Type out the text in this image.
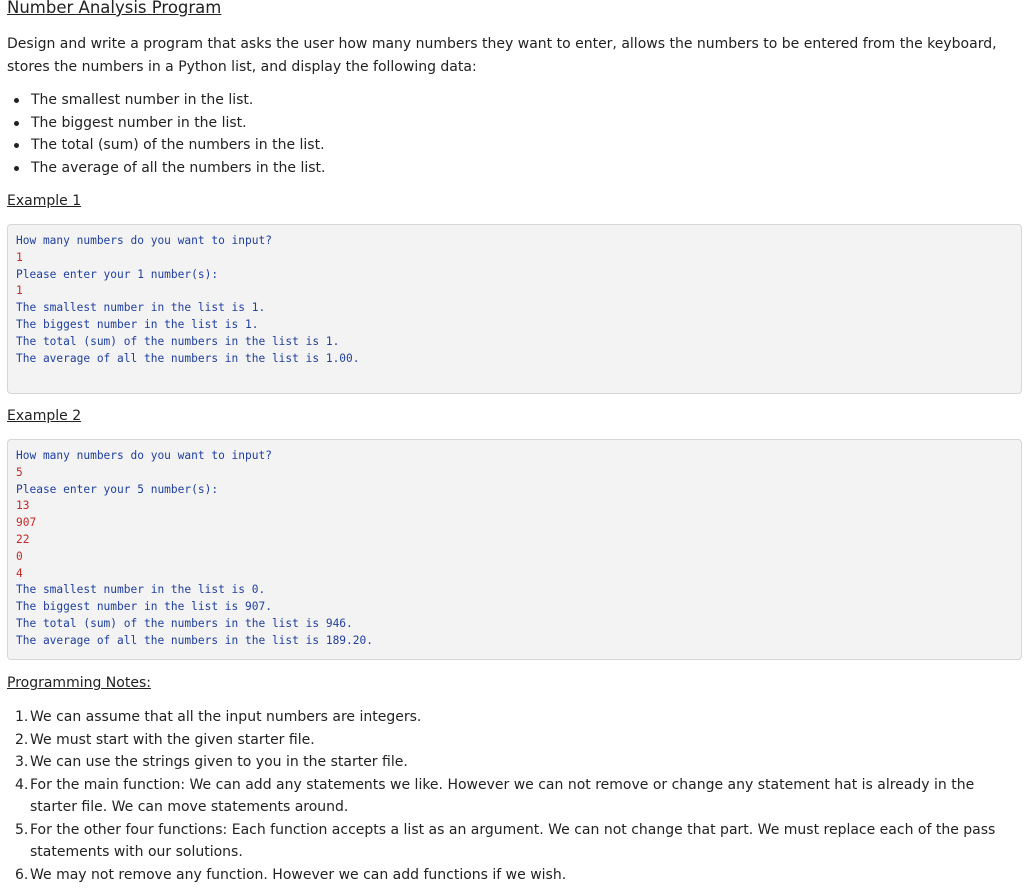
Number Analysis Program

Design and write a program that asks the user how many numbers they want to enter, allows the numbers to be entered from the keyboard, stores the numbers in a Python list, and display the following data:

The smallest number in the list.
The biggest number in the list.
The total (sum) of the numbers in the list.
The average of all the numbers in the list.
Example 1
How many numbers do you want to input?
1
Please enter your 1 number(s):
1
The smallest number in the list is 1.
The biggest number in the list is 1.
The total (sum) of the numbers in the list is 1.
The average of all the numbers in the list is 1.00.
Example 2
How many numbers do you want to input?
5
Please enter your 5 number(s):
13
907
22
0
4
The smallest number in the list is 0.
The biggest number in the list is 907.
The total (sum) of the numbers in the list is 946.
The average of all the numbers in the list is 189.20.
Programming Notes:
1. We can assume that all the input numbers are integers.
2. We must start with the given starter file.
3. We can use the strings given to you in the starter file.
4. For the main function: We can add any statements we like. However we can not remove or change any statement hat is already in the starter file. We can move statements around.
5. For the other four functions: Each function accepts a list as an argument. We can not change that part. We must replace each of the pass statements with our solutions.
6. We may not remove any function. However we can add functions if we wish.
